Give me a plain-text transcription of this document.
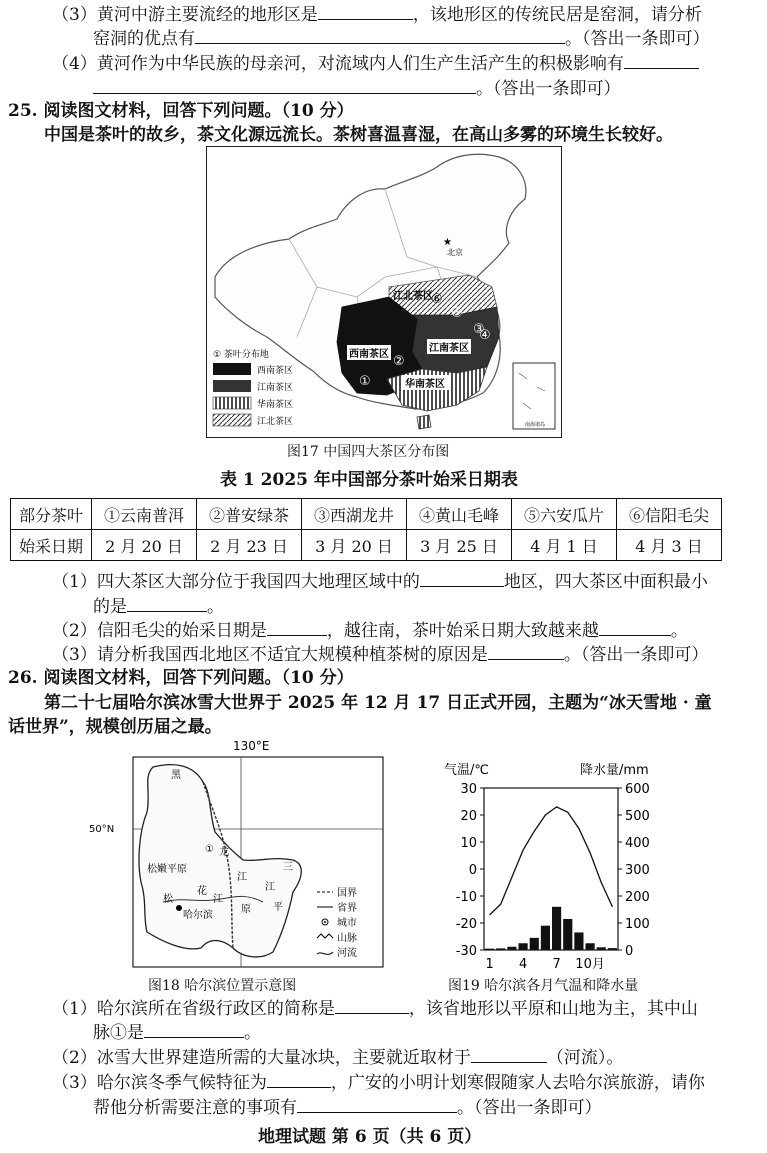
（3）黄河中游主要流经的地形区是	，该地形区的传统民居是窑洞，请分析
窑洞的优点有	。（答出一条即可）
（4）黄河作为中华民族的母亲河，对流域内人们生产生活产生的积极影响有
。（答出一条即可）
25. 阅读图文材料，回答下列问题。（10 分）
中国是茶叶的故乡，茶文化源远流长。茶树喜温喜湿，在高山多雾的环境生长较好。
★
北京
江北茶区
西南茶区
江南茶区
华南茶区
①
②
③
④
⑤
⑥
① 茶叶分布地
西南茶区
江南茶区
华南茶区
江北茶区	南海诸岛
图17 中国四大茶区分布图
表 1 2025 年中国部分茶叶始采日期表
部分茶叶	①云南普洱	②普安绿茶	③西湖龙井	④黄山毛峰	⑤六安瓜片	⑥信阳毛尖
始采日期	2 月 20 日	2 月 23 日	3 月 20 日	3 月 25 日	4 月 1 日	4 月 3 日
（1）四大茶区大部分位于我国四大地理区域中的	地区，四大茶区中面积最小
的是	。
（2）信阳毛尖的始采日期是	，越往南，茶叶始采日期大致越来越	。
（3）请分析我国西北地区不适宜大规模种植茶树的原因是	。（答出一条即可）
26. 阅读图文材料，回答下列问题。（10 分）
第二十七届哈尔滨冰雪大世界于 2025 年 12 月 17 日正式开园，主题为“冰天雪地 · 童
话世界”，规模创历届之最。
130°E
黑
50°N
① 龙
江
松嫩平原
花
江
松
哈尔滨
三
江
平
原
国界
省界
城市
山脉
河流
图18 哈尔滨位置示意图
气温/℃	降水量/mm
30	600
20	500
10	400
0	300
-10	200
-20	100
-30	0
1 4 7 10月
图19 哈尔滨各月气温和降水量
（1）哈尔滨所在省级行政区的简称是	，该省地形以平原和山地为主，其中山
脉①是	。
（2）冰雪大世界建造所需的大量冰块，主要就近取材于	（河流）。
（3）哈尔滨冬季气候特征为	，广安的小明计划寒假随家人去哈尔滨旅游，请你
帮他分析需要注意的事项有	。（答出一条即可）
地理试题 第 6 页（共 6 页）
